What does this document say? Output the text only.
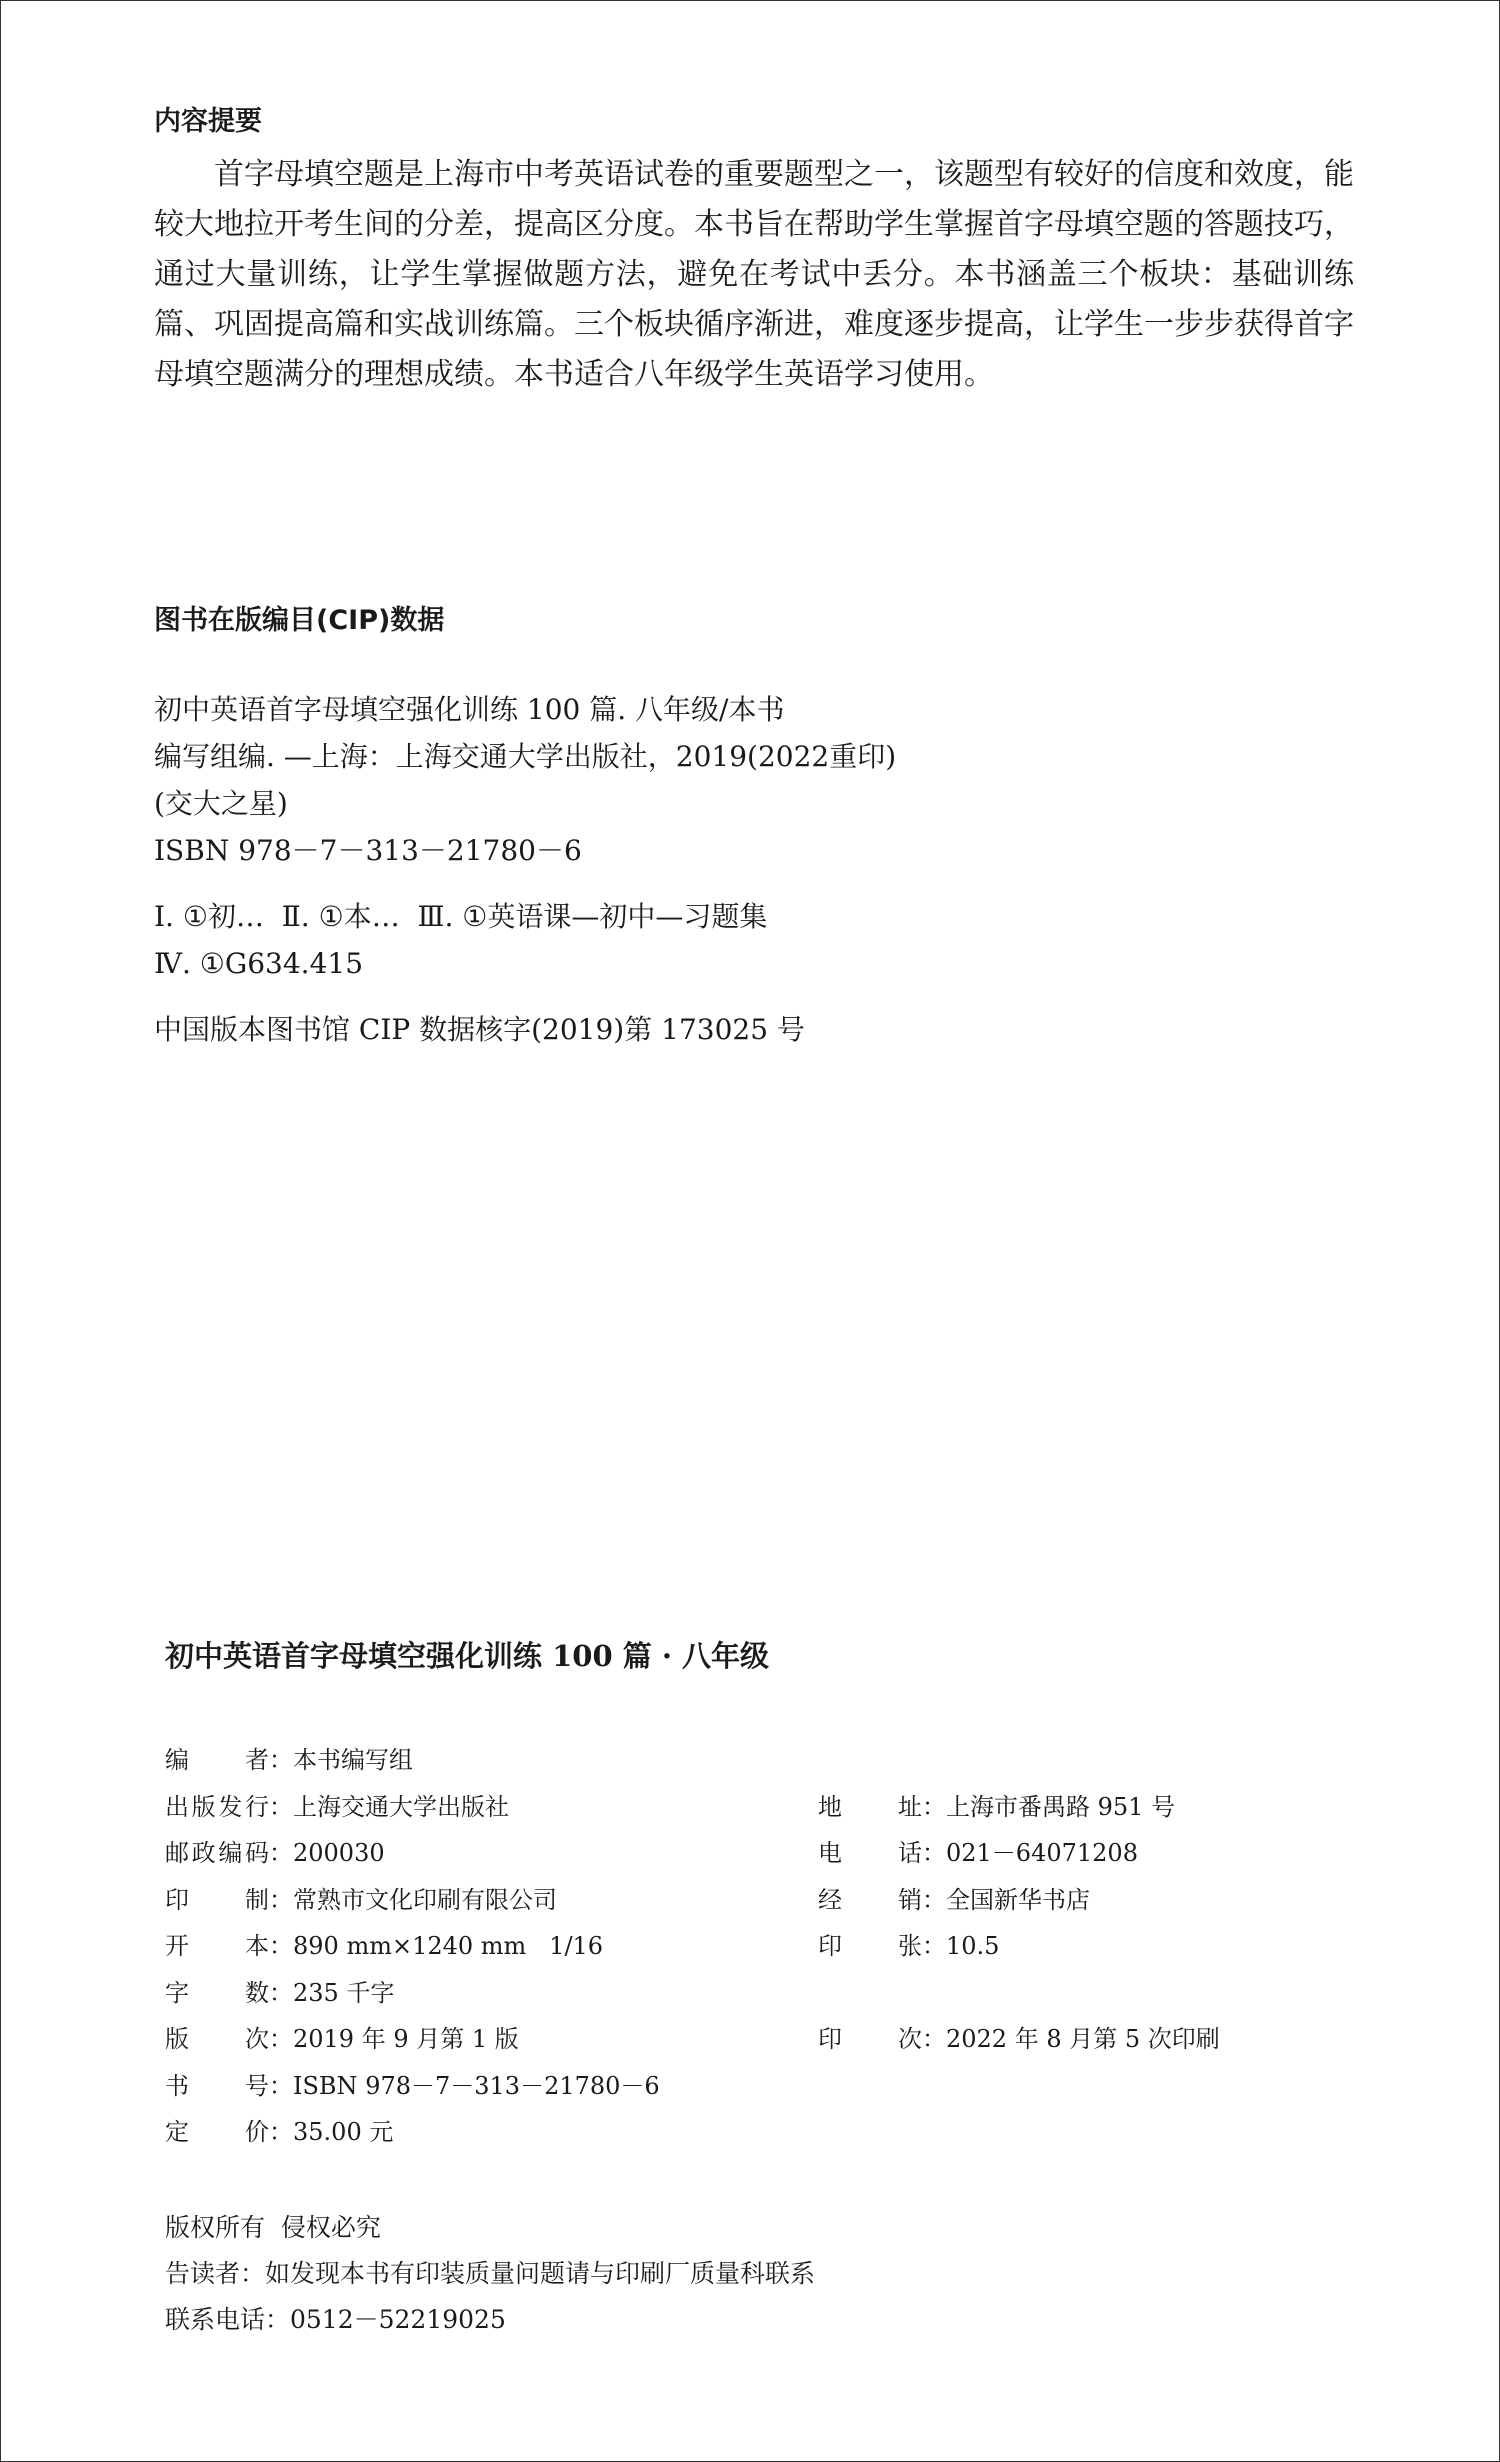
内容提要
首字母填空题是上海市中考英语试卷的重要题型之一，该题型有较好的信度和效度，能较大地拉开考生间的分差，提高区分度。本书旨在帮助学生掌握首字母填空题的答题技巧，通过大量训练，让学生掌握做题方法，避免在考试中丢分。本书涵盖三个板块：基础训练篇、巩固提高篇和实战训练篇。三个板块循序渐进，难度逐步提高，让学生一步步获得首字母填空题满分的理想成绩。本书适合八年级学生英语学习使用。
图书在版编目(CIP)数据
初中英语首字母填空强化训练 100 篇. 八年级/本书
编写组编. —上海：上海交通大学出版社，2019(2022重印)
(交大之星)
ISBN 978－7－313－21780－6
Ⅰ. ①初…  Ⅱ. ①本…  Ⅲ. ①英语课—初中—习题集
Ⅳ. ①G634.415
中国版本图书馆 CIP 数据核字(2019)第 173025 号
初中英语首字母填空强化训练 100 篇 · 八年级
编者：本书编写组
出版发行：上海交通大学出版社
邮政编码：200030
印制：常熟市文化印刷有限公司
开本：890 mm×1240 mm   1/16
字数：235 千字
版次：2019 年 9 月第 1 版
书号：ISBN 978－7－313－21780－6
定价：35.00 元
地址：上海市番禺路 951 号
电话：021－64071208
经销：全国新华书店
印张：10.5
印次：2022 年 8 月第 5 次印刷
版权所有  侵权必究
告读者：如发现本书有印装质量问题请与印刷厂质量科联系
联系电话：0512－52219025
